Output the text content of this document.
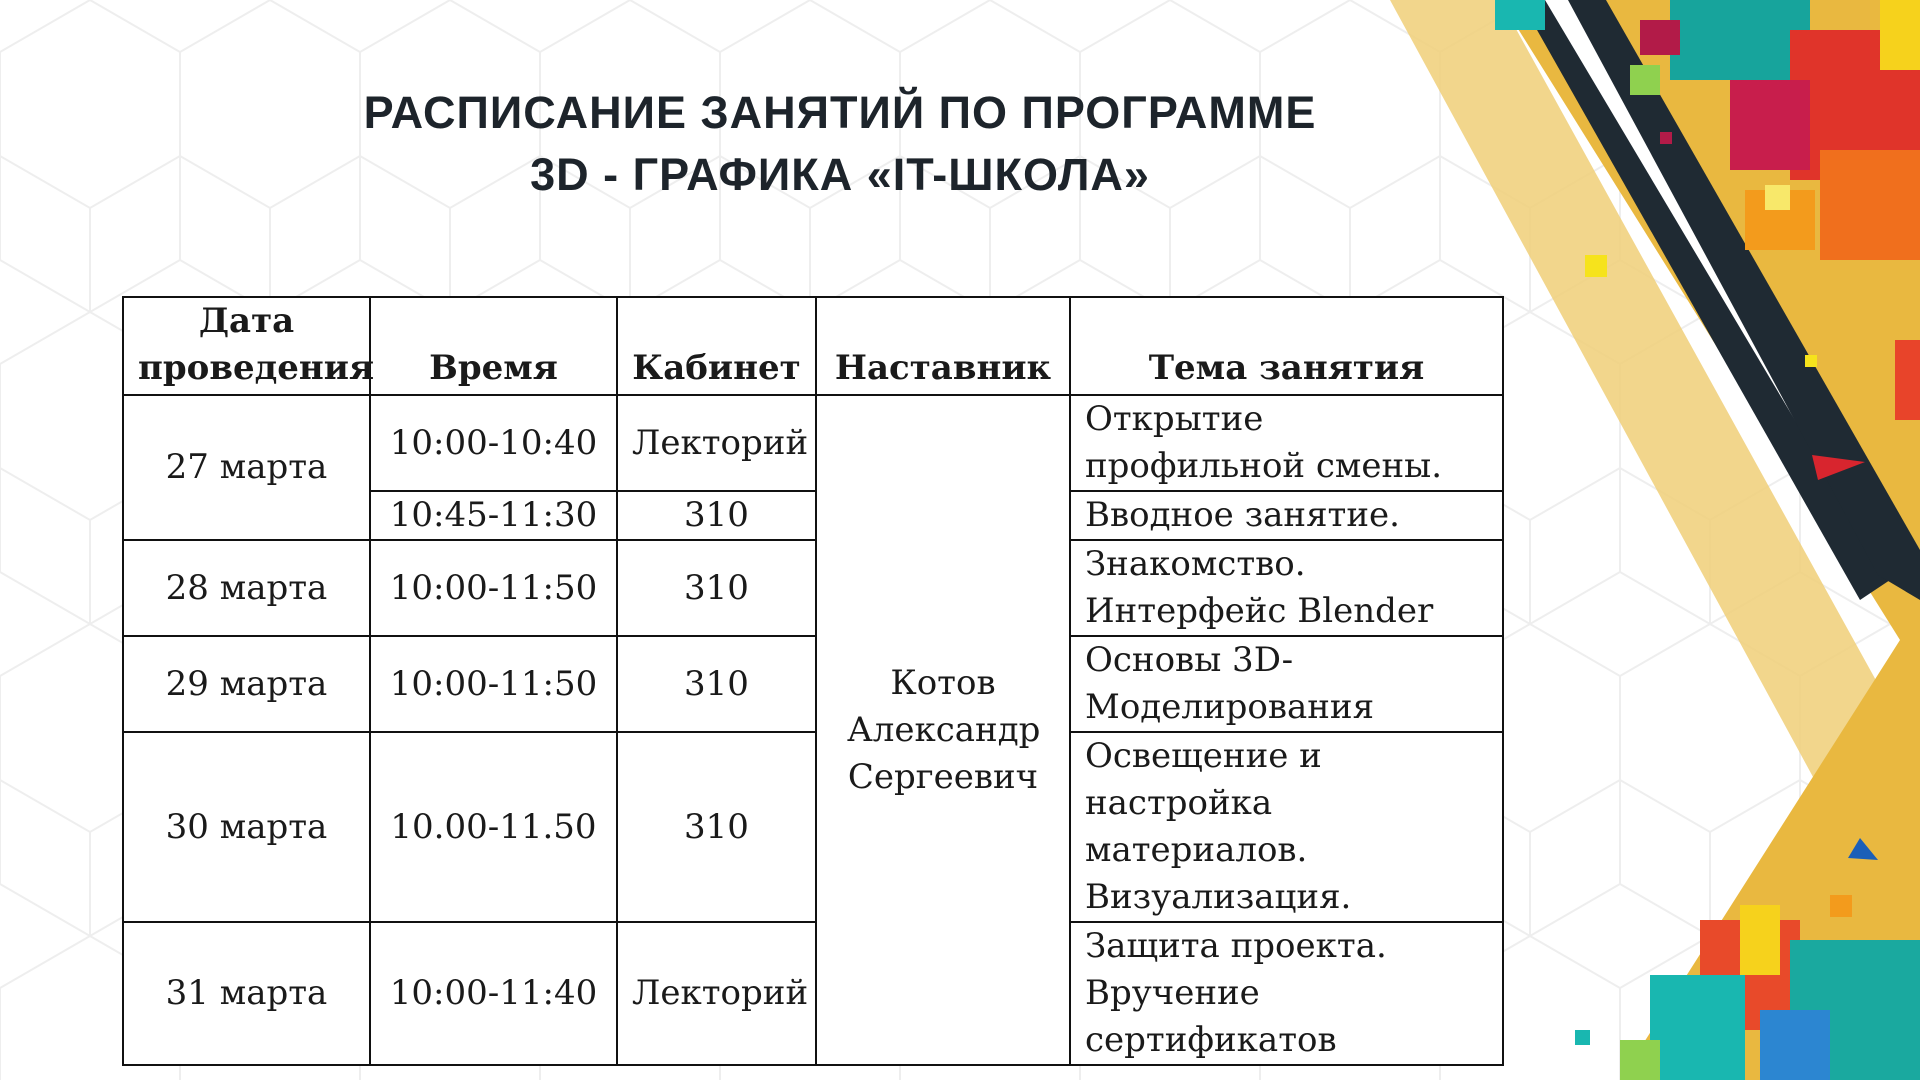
РАСПИСАНИЕ ЗАНЯТИЙ ПО ПРОГРАММЕ
3D - ГРАФИКА «IT-ШКОЛА»
Дата проведения	Время	Кабинет	Наставник	Тема занятия
27 марта	10:00-10:40	Лекторий	Котов Александр Сергеевич	Открытие профильной смены.
	10:45-11:30	310		Вводное занятие.
28 марта	10:00-11:50	310		Знакомство. Интерфейс Blender
29 марта	10:00-11:50	310		Основы 3D-Моделирования
30 марта	10.00-11.50	310		Освещение и настройка материалов. Визуализация.
31 марта	10:00-11:40	Лекторий		Защита проекта. Вручение сертификатов
